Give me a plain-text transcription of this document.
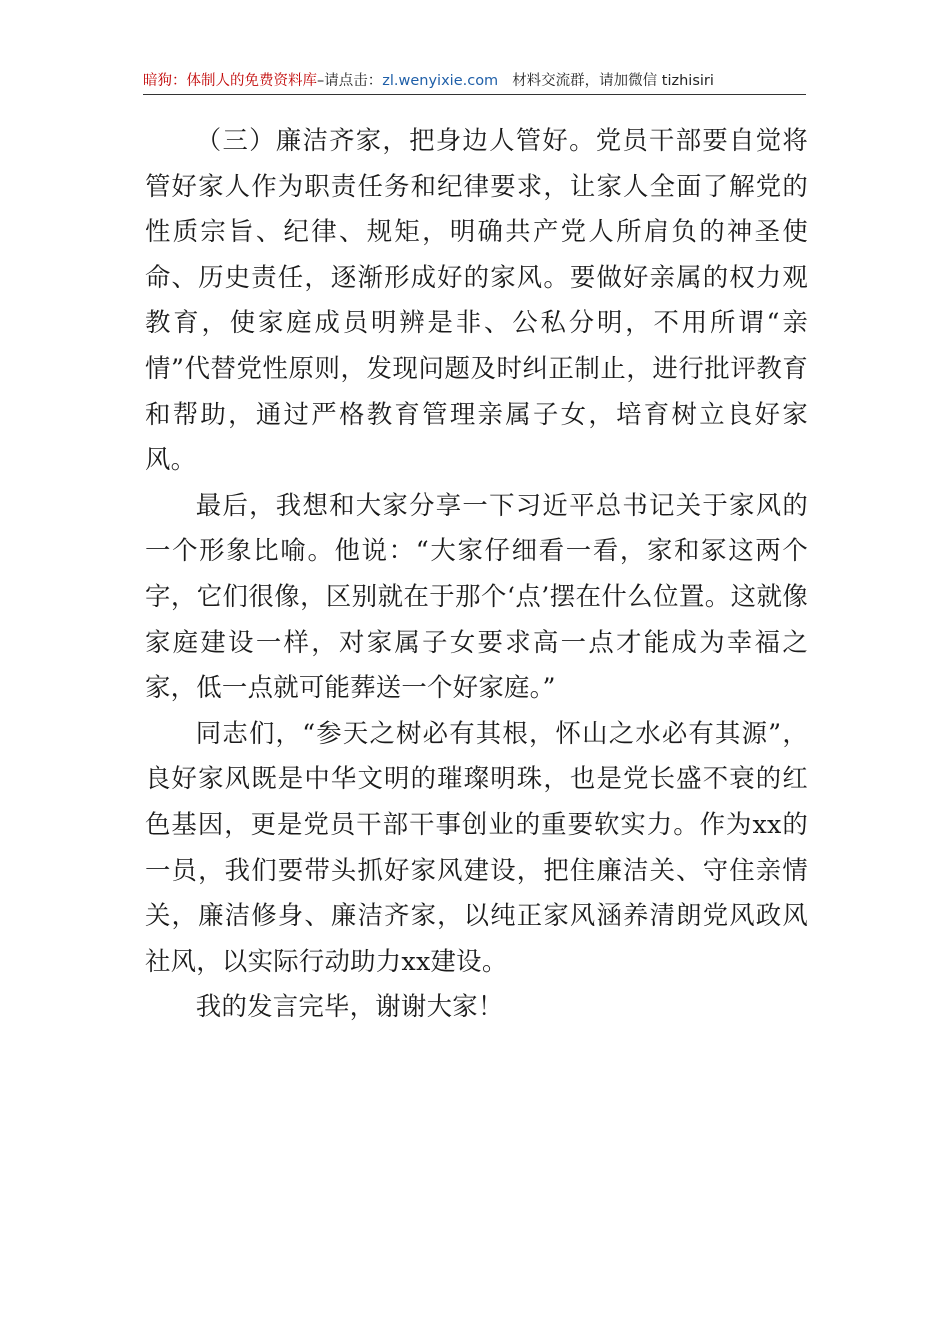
暗狗：体制人的免费资料库–请点击：zl.wenyixie.com 材料交流群，请加微信 tizhisiri

（三）廉洁齐家，把身边人管好。党员干部要自觉将管好家人作为职责任务和纪律要求，让家人全面了解党的性质宗旨、纪律、规矩，明确共产党人所肩负的神圣使命、历史责任，逐渐形成好的家风。要做好亲属的权力观教育，使家庭成员明辨是非、公私分明，不用所谓“亲情”代替党性原则，发现问题及时纠正制止，进行批评教育和帮助，通过严格教育管理亲属子女，培育树立良好家风。

最后，我想和大家分享一下习近平总书记关于家风的一个形象比喻。他说：“大家仔细看一看，家和冢这两个字，它们很像，区别就在于那个‘点’摆在什么位置。这就像家庭建设一样，对家属子女要求高一点才能成为幸福之家，低一点就可能葬送一个好家庭。”

同志们，“参天之树必有其根，怀山之水必有其源”，良好家风既是中华文明的璀璨明珠，也是党长盛不衰的红色基因，更是党员干部干事创业的重要软实力。作为xx的一员，我们要带头抓好家风建设，把住廉洁关、守住亲情关，廉洁修身、廉洁齐家，以纯正家风涵养清朗党风政风社风，以实际行动助力xx建设。

我的发言完毕，谢谢大家！
